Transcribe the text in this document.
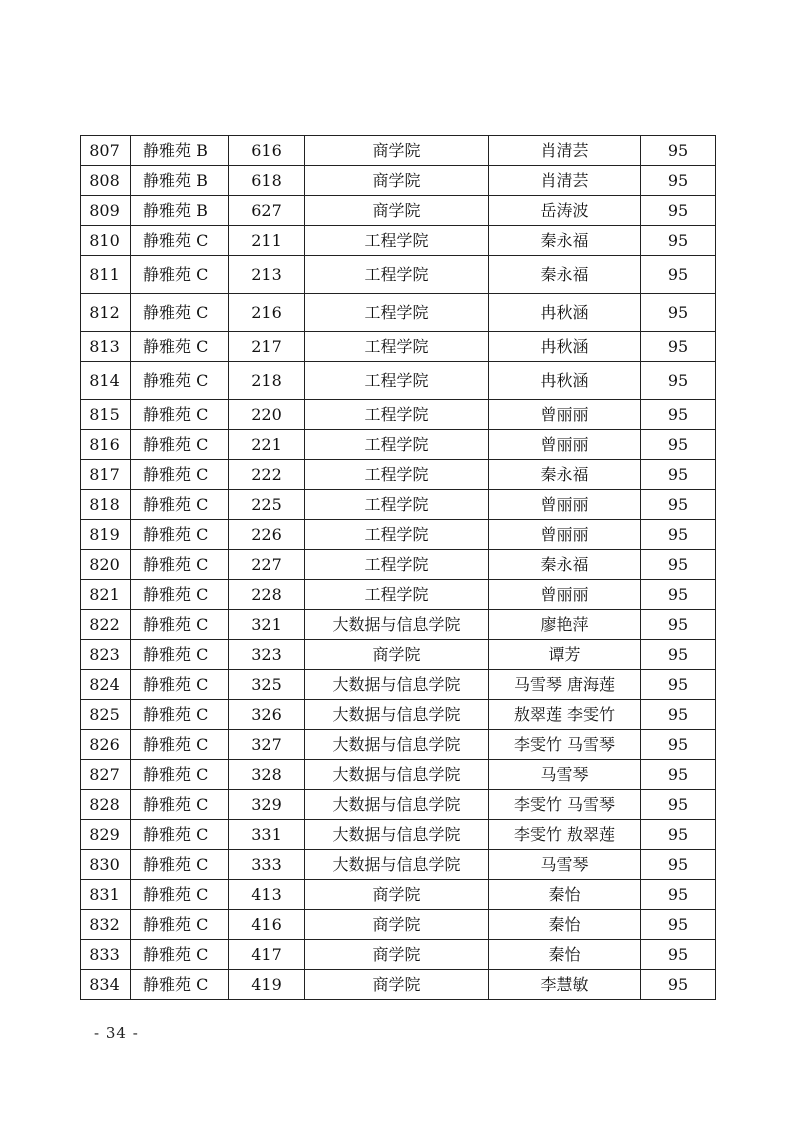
807	静雅苑 B	616	商学院	肖清芸	95
808	静雅苑 B	618	商学院	肖清芸	95
809	静雅苑 B	627	商学院	岳涛波	95
810	静雅苑 C	211	工程学院	秦永福	95
811	静雅苑 C	213	工程学院	秦永福	95
812	静雅苑 C	216	工程学院	冉秋涵	95
813	静雅苑 C	217	工程学院	冉秋涵	95
814	静雅苑 C	218	工程学院	冉秋涵	95
815	静雅苑 C	220	工程学院	曾丽丽	95
816	静雅苑 C	221	工程学院	曾丽丽	95
817	静雅苑 C	222	工程学院	秦永福	95
818	静雅苑 C	225	工程学院	曾丽丽	95
819	静雅苑 C	226	工程学院	曾丽丽	95
820	静雅苑 C	227	工程学院	秦永福	95
821	静雅苑 C	228	工程学院	曾丽丽	95
822	静雅苑 C	321	大数据与信息学院	廖艳萍	95
823	静雅苑 C	323	商学院	谭芳	95
824	静雅苑 C	325	大数据与信息学院	马雪琴 唐海莲	95
825	静雅苑 C	326	大数据与信息学院	敖翠莲 李雯竹	95
826	静雅苑 C	327	大数据与信息学院	李雯竹 马雪琴	95
827	静雅苑 C	328	大数据与信息学院	马雪琴	95
828	静雅苑 C	329	大数据与信息学院	李雯竹 马雪琴	95
829	静雅苑 C	331	大数据与信息学院	李雯竹 敖翠莲	95
830	静雅苑 C	333	大数据与信息学院	马雪琴	95
831	静雅苑 C	413	商学院	秦怡	95
832	静雅苑 C	416	商学院	秦怡	95
833	静雅苑 C	417	商学院	秦怡	95
834	静雅苑 C	419	商学院	李慧敏	95
- 34 -
